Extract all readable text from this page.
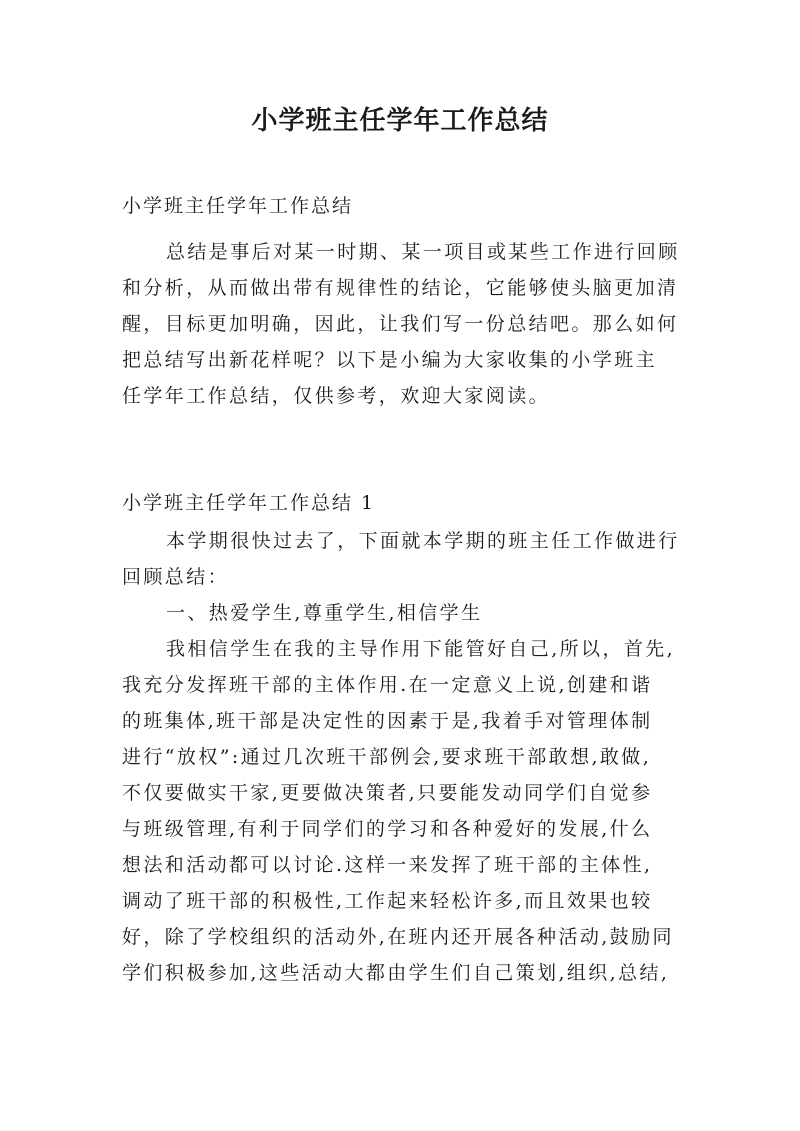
小学班主任学年工作总结
小学班主任学年工作总结
总结是事后对某一时期、某一项目或某些工作进行回顾
和分析，从而做出带有规律性的结论，它能够使头脑更加清
醒，目标更加明确，因此，让我们写一份总结吧。那么如何
把总结写出新花样呢？以下是小编为大家收集的小学班主
任学年工作总结，仅供参考，欢迎大家阅读。
小学班主任学年工作总结 1
本学期很快过去了，下面就本学期的班主任工作做进行
回顾总结：
一、热爱学生,尊重学生,相信学生
我相信学生在我的主导作用下能管好自己,所以，首先,
我充分发挥班干部的主体作用.在一定意义上说,创建和谐
的班集体,班干部是决定性的因素于是,我着手对管理体制
进行“放权”:通过几次班干部例会,要求班干部敢想,敢做,
不仅要做实干家,更要做决策者,只要能发动同学们自觉参
与班级管理,有利于同学们的学习和各种爱好的发展,什么
想法和活动都可以讨论.这样一来发挥了班干部的主体性,
调动了班干部的积极性,工作起来轻松许多,而且效果也较
好，除了学校组织的活动外,在班内还开展各种活动,鼓励同
学们积极参加,这些活动大都由学生们自己策划,组织,总结,
